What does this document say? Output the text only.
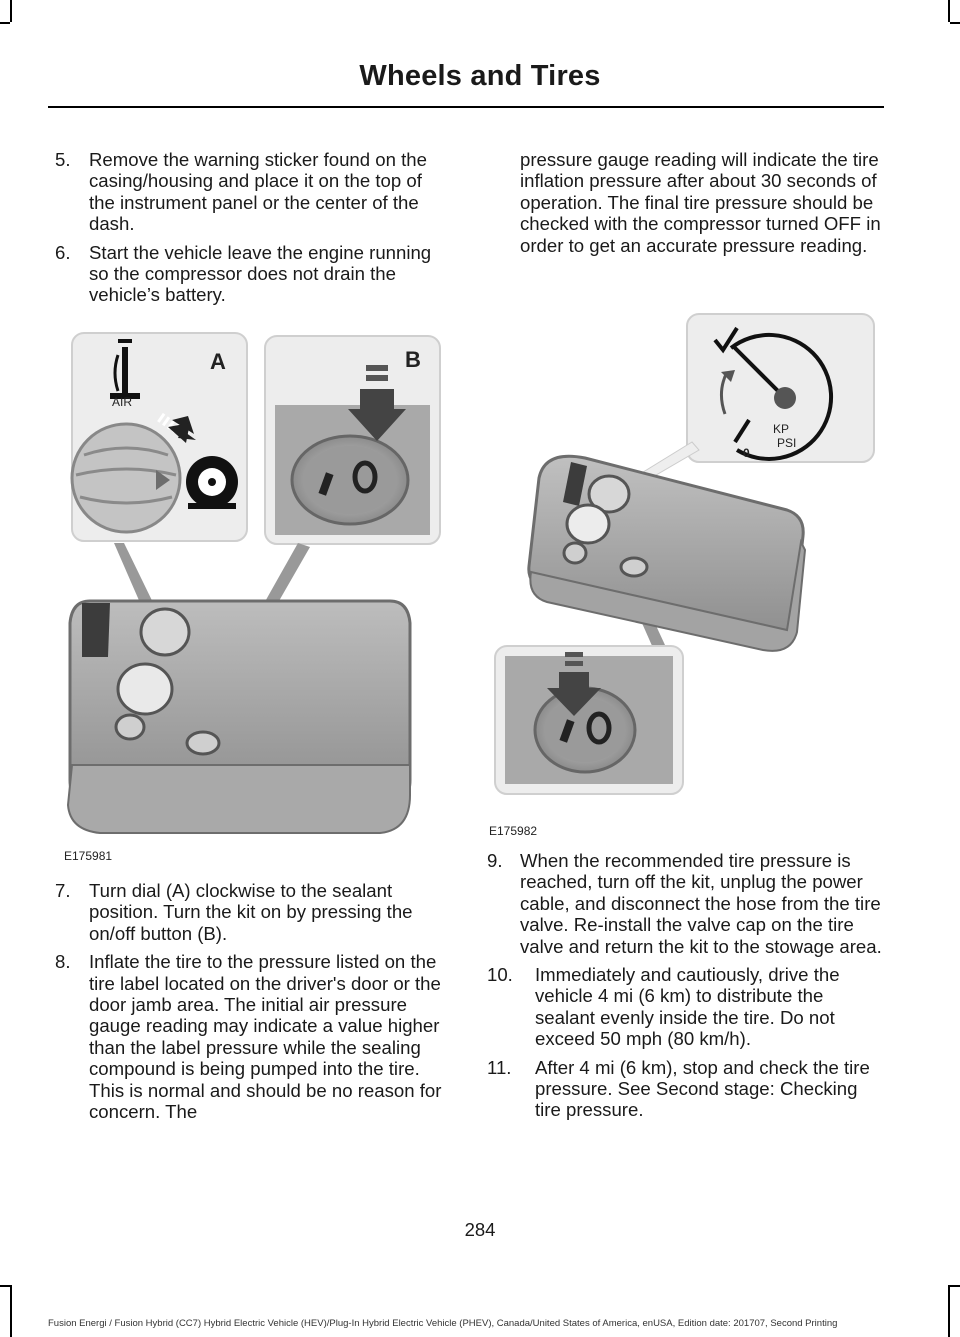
Wheels and Tires

5. Remove the warning sticker found on the casing/housing and place it on the top of the instrument panel or the center of the dash.

6. Start the vehicle leave the engine running so the compressor does not drain the vehicle’s battery.

A	B
AIR
E175981

7. Turn dial (A) clockwise to the sealant position. Turn the kit on by pressing the on/off button (B).

8. Inflate the tire to the pressure listed on the tire label located on the driver's door or the door jamb area. The initial air pressure gauge reading may indicate a value higher than the label pressure while the sealing compound is being pumped into the tire. This is normal and should be no reason for concern. The

pressure gauge reading will indicate the tire inflation pressure after about 30 seconds of operation. The final tire pressure should be checked with the compressor turned OFF in order to get an accurate pressure reading.

KP
PSI
0
E175982

9. When the recommended tire pressure is reached, turn off the kit, unplug the power cable, and disconnect the hose from the tire valve. Re-install the valve cap on the tire valve and return the kit to the stowage area.

10. Immediately and cautiously, drive the vehicle 4 mi (6 km) to distribute the sealant evenly inside the tire. Do not exceed 50 mph (80 km/h).

11. After 4 mi (6 km), stop and check the tire pressure. See Second stage: Checking tire pressure.

284
Fusion Energi / Fusion Hybrid (CC7) Hybrid Electric Vehicle (HEV)/Plug-In Hybrid Electric Vehicle (PHEV), Canada/United States of America, enUSA, Edition date: 201707, Second Printing
